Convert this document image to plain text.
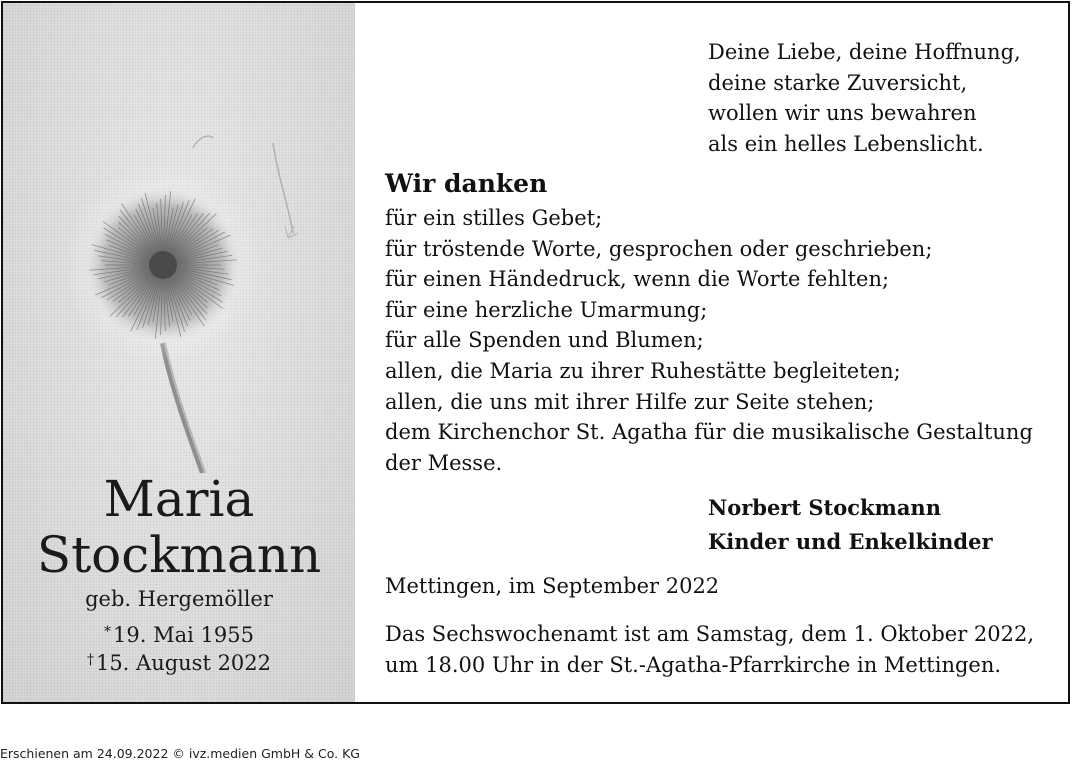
Maria
Stockmann
geb. Hergemöller
*19. Mai 1955
†15. August 2022
Deine Liebe, deine Hoffnung,
deine starke Zuversicht,
wollen wir uns bewahren
als ein helles Lebenslicht.
Wir danken
für ein stilles Gebet;
für tröstende Worte, gesprochen oder geschrieben;
für einen Händedruck, wenn die Worte fehlten;
für eine herzliche Umarmung;
für alle Spenden und Blumen;
allen, die Maria zu ihrer Ruhestätte begleiteten;
allen, die uns mit ihrer Hilfe zur Seite stehen;
dem Kirchenchor St. Agatha für die musikalische Gestaltung
der Messe.
Norbert Stockmann
Kinder und Enkelkinder
Mettingen, im September 2022
Das Sechswochenamt ist am Samstag, dem 1. Oktober 2022,
um 18.00 Uhr in der St.-Agatha-Pfarrkirche in Mettingen.
Erschienen am 24.09.2022 © ivz.medien GmbH & Co. KG
